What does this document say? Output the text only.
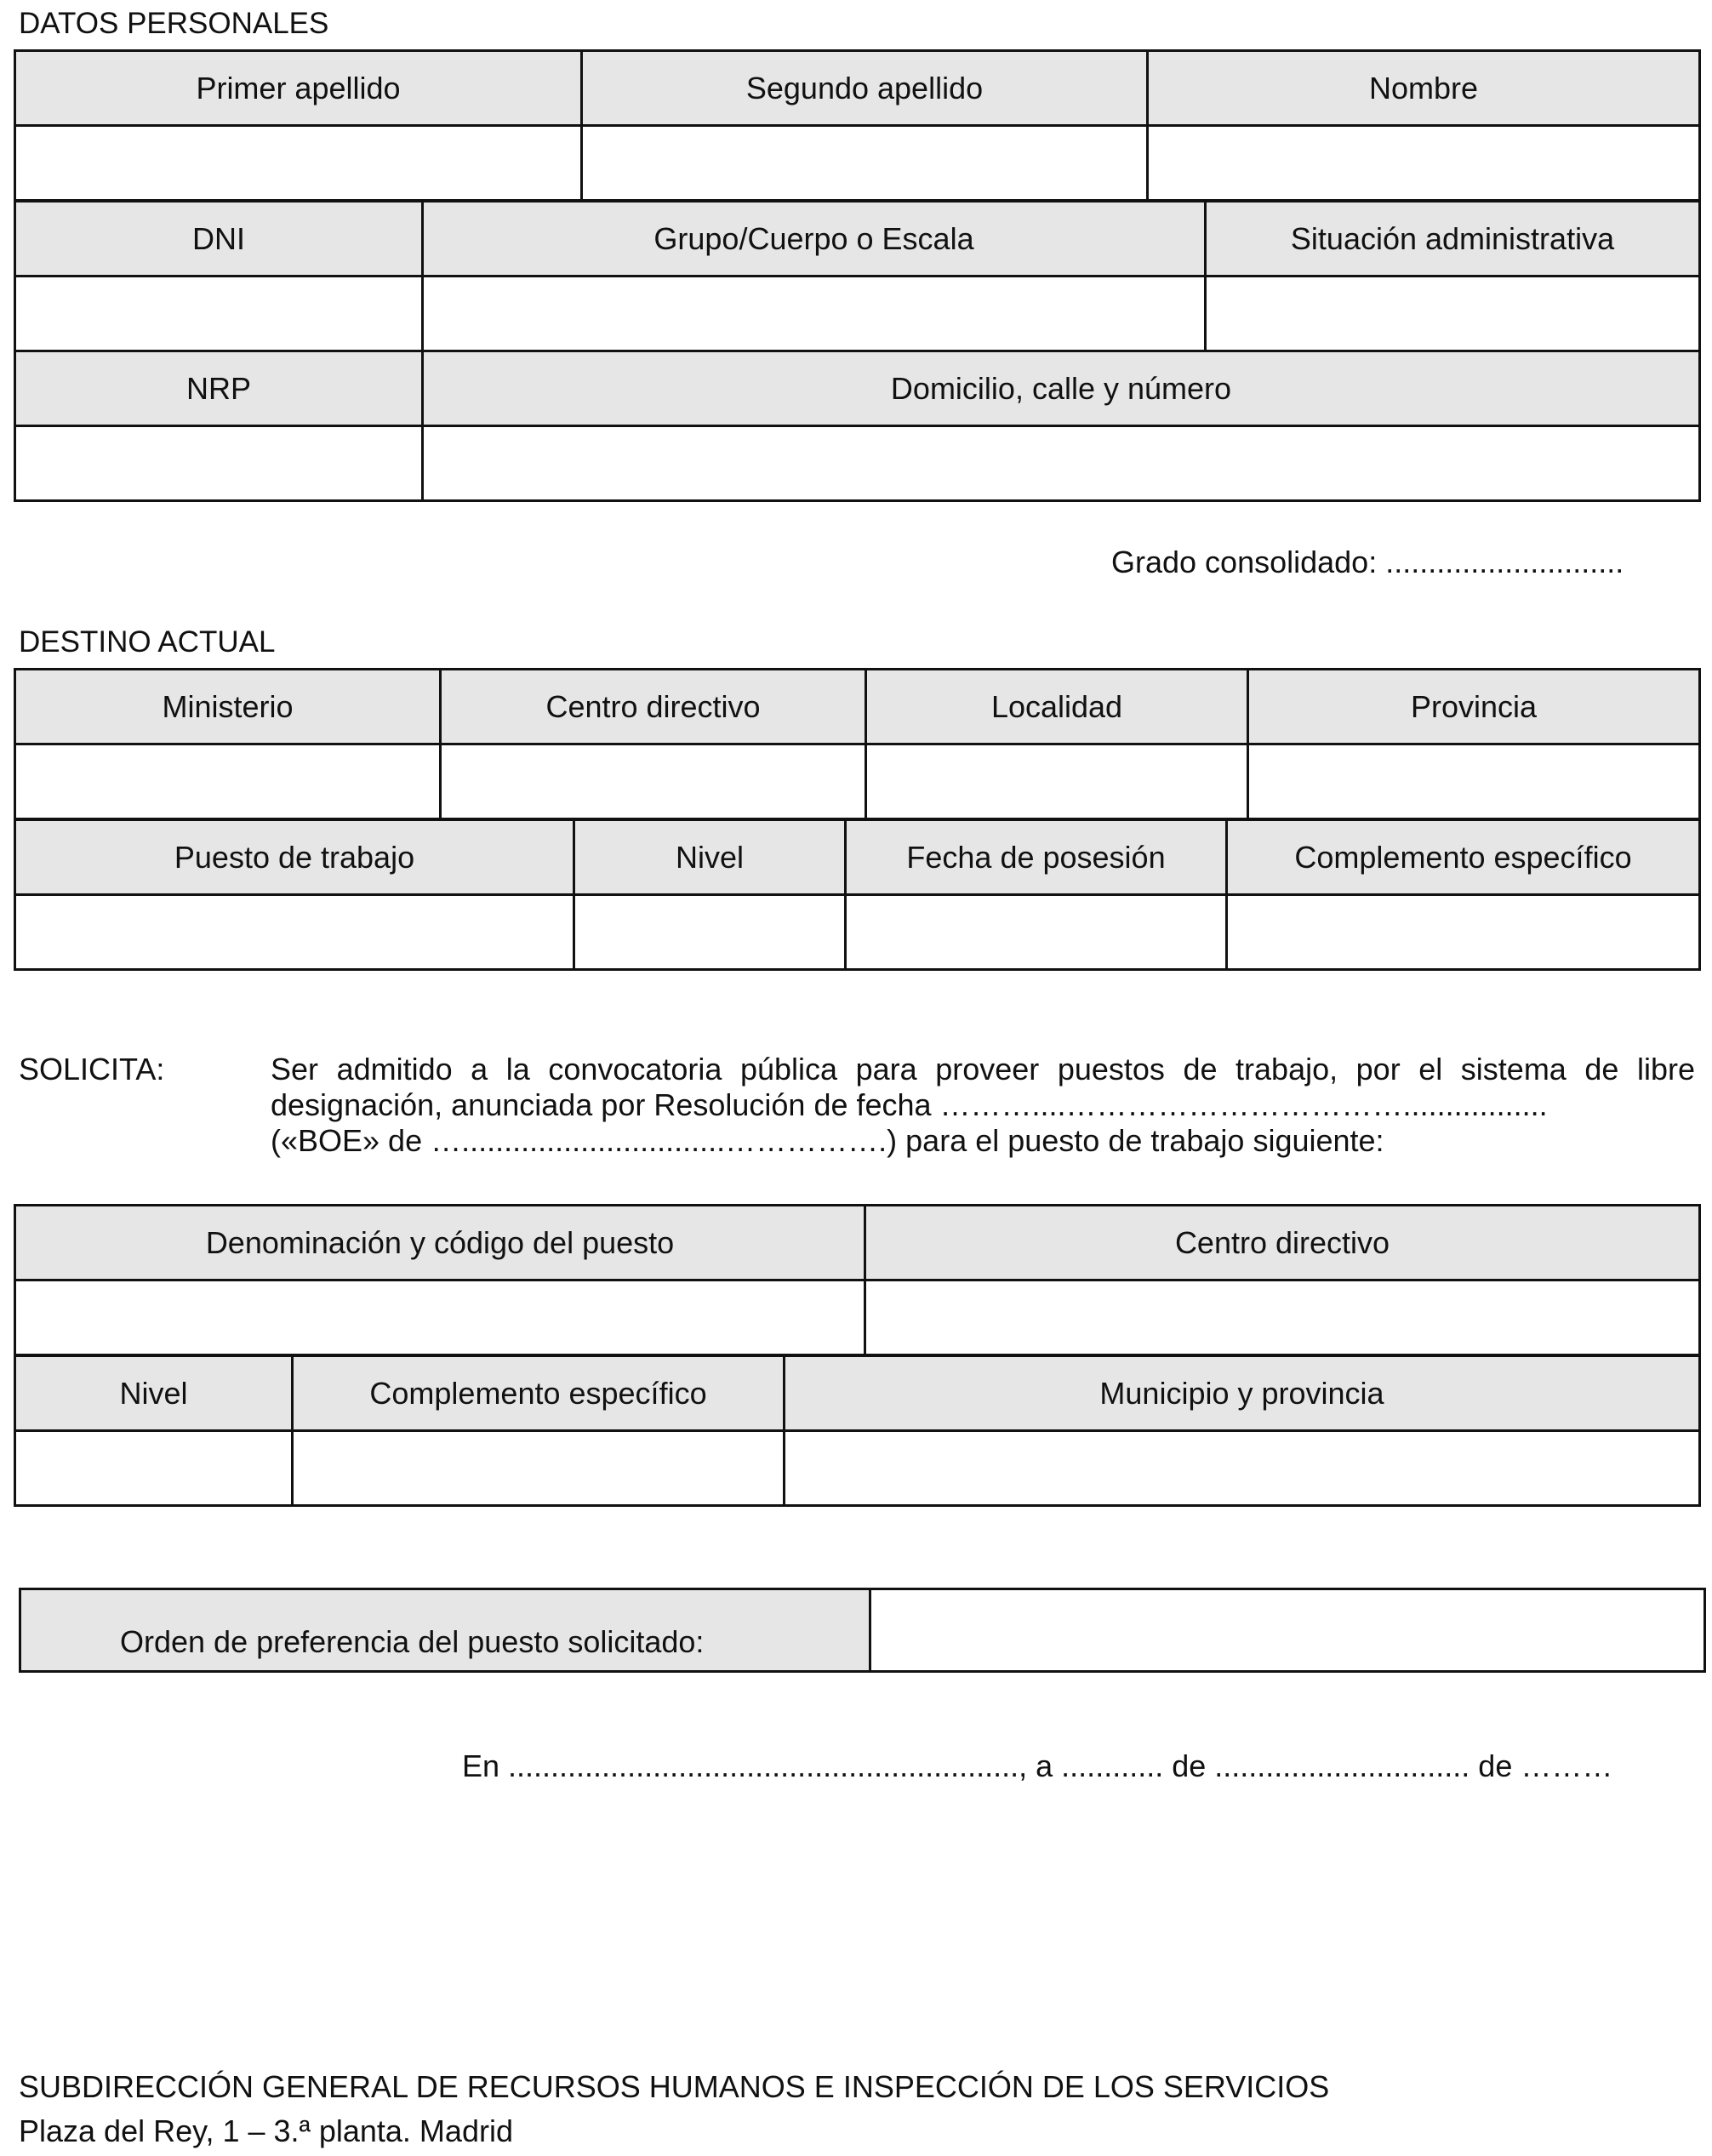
DATOS PERSONALES
Primer apellido	Segundo apellido	Nombre

DNI	Grupo/Cuerpo o Escala	Situación administrativa

NRP	Domicilio, calle y número	

Grado consolidado: ............................
DESTINO ACTUAL
Ministerio	Centro directivo	Localidad	Provincia

Puesto de trabajo	Nivel	Fecha de posesión	Complemento específico

SOLICITA:	Ser admitido a la convocatoria pública para proveer puestos de trabajo, por el sistema de libre designación, anunciada por Resolución de fecha ………....…………………………….................
(«BOE» de …...............................…………….) para el puesto de trabajo siguiente:
Denominación y código del puesto	Centro directivo

Nivel	Complemento específico	Municipio y provincia

Orden de preferencia del puesto solicitado:	
En ............................................................, a ............ de .............................. de ………
SUBDIRECCIÓN GENERAL DE RECURSOS HUMANOS E INSPECCIÓN DE LOS SERVICIOS
Plaza del Rey, 1 – 3.ª planta. Madrid
